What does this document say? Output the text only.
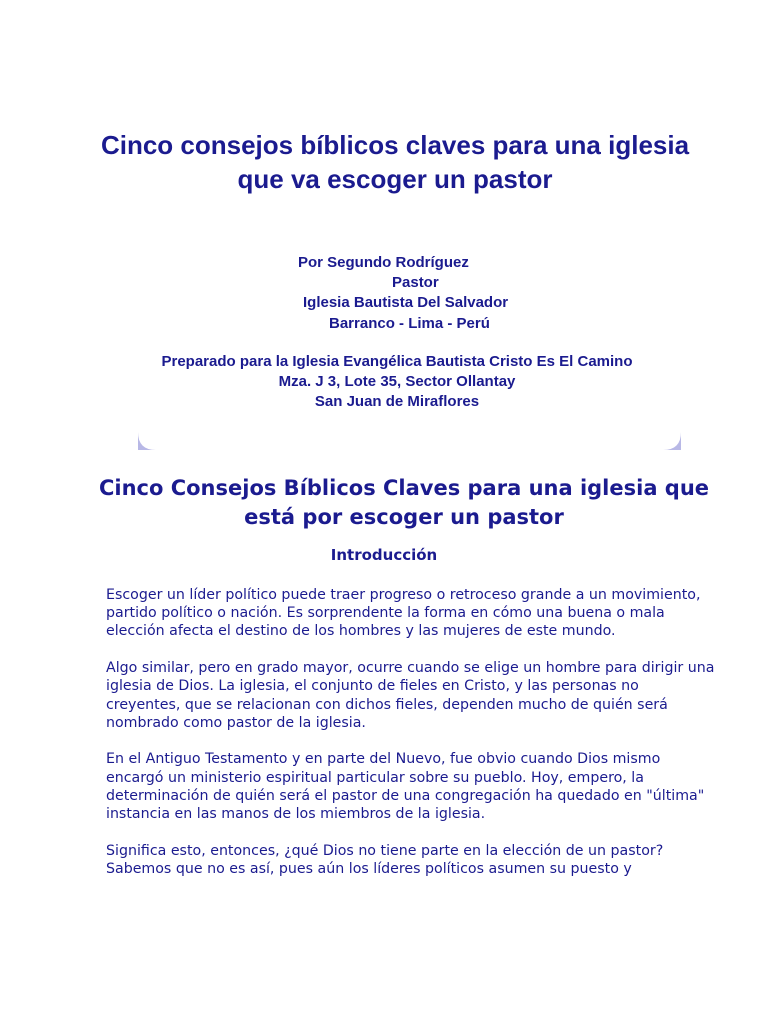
Cinco consejos bíblicos claves para una iglesia que va escoger un pastor
Por Segundo Rodríguez
Pastor
Iglesia Bautista Del Salvador
Barranco - Lima - Perú
Preparado para la Iglesia Evangélica Bautista Cristo Es El Camino
Mza. J 3, Lote 35, Sector Ollantay
San Juan de Miraflores
Cinco Consejos Bíblicos Claves para una iglesia que está por escoger un pastor
Introducción

Escoger un líder político puede traer progreso o retroceso grande a un movimiento, partido político o nación. Es sorprendente la forma en cómo una buena o mala elección afecta el destino de los hombres y las mujeres de este mundo.

Algo similar, pero en grado mayor, ocurre cuando se elige un hombre para dirigir una iglesia de Dios. La iglesia, el conjunto de fieles en Cristo, y las personas no creyentes, que se relacionan con dichos fieles, dependen mucho de quién será nombrado como pastor de la iglesia.

En el Antiguo Testamento y en parte del Nuevo, fue obvio cuando Dios mismo encargó un ministerio espiritual particular sobre su pueblo. Hoy, empero, la determinación de quién será el pastor de una congregación ha quedado en "última" instancia en las manos de los miembros de la iglesia.

Significa esto, entonces, ¿qué Dios no tiene parte en la elección de un pastor? Sabemos que no es así, pues aún los líderes políticos asumen su puesto y
